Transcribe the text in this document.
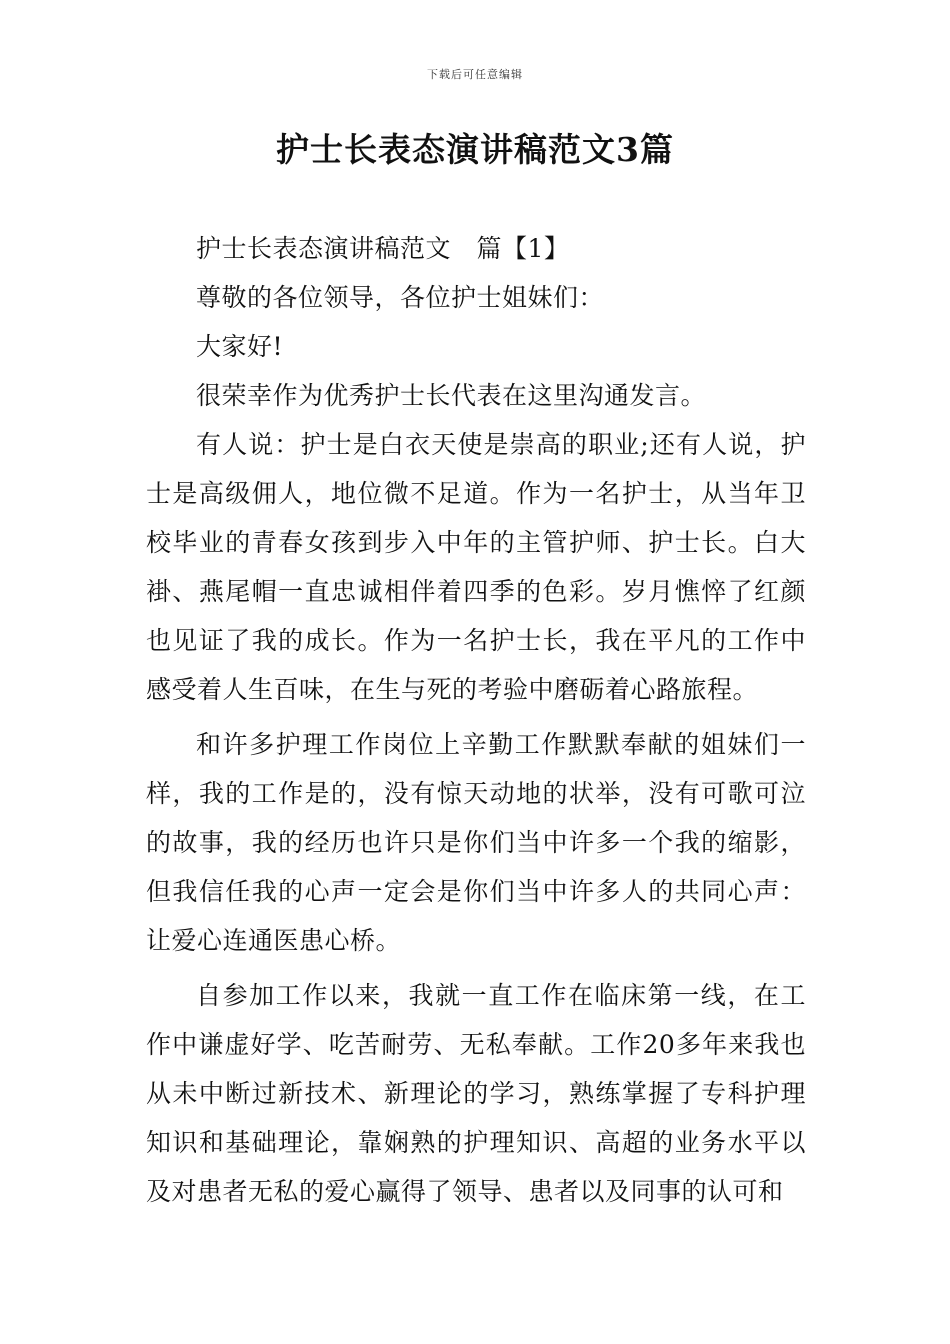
下载后可任意编辑
护士长表态演讲稿范文3篇

护士长表态演讲稿范文　篇【1】

尊敬的各位领导，各位护士姐妹们：

大家好!

很荣幸作为优秀护士长代表在这里沟通发言。

有人说：护士是白衣天使是崇高的职业;还有人说，护士是高级佣人，地位微不足道。作为一名护士，从当年卫校毕业的青春女孩到步入中年的主管护师、护士长。白大褂、燕尾帽一直忠诚相伴着四季的色彩。岁月憔悴了红颜也见证了我的成长。作为一名护士长，我在平凡的工作中感受着人生百味，在生与死的考验中磨砺着心路旅程。

和许多护理工作岗位上辛勤工作默默奉献的姐妹们一样，我的工作是的，没有惊天动地的状举，没有可歌可泣的故事，我的经历也许只是你们当中许多一个我的缩影，但我信任我的心声一定会是你们当中许多人的共同心声：让爱心连通医患心桥。

自参加工作以来，我就一直工作在临床第一线，在工作中谦虚好学、吃苦耐劳、无私奉献。工作20多年来我也从未中断过新技术、新理论的学习，熟练掌握了专科护理知识和基础理论，靠娴熟的护理知识、高超的业务水平以及对患者无私的爱心赢得了领导、患者以及同事的认可和
